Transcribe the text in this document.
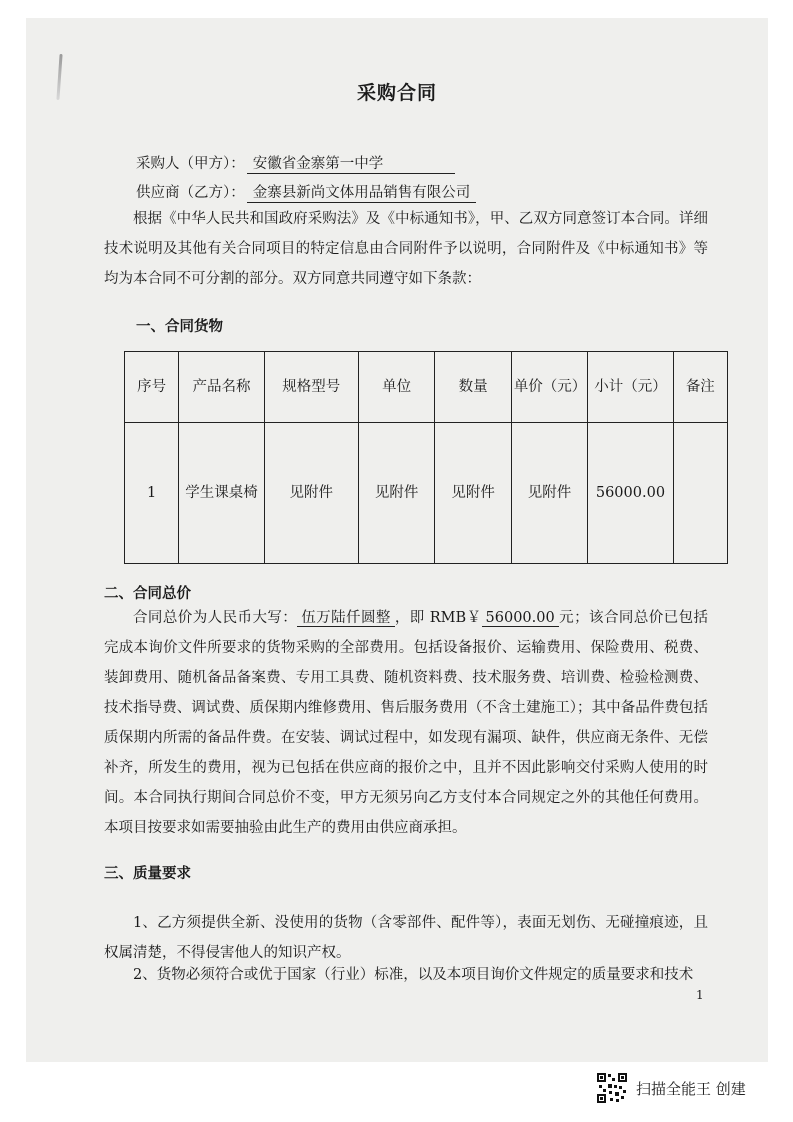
采购合同
采购人（甲方）： 安徽省金寨第一中学
供应商（乙方）： 金寨县新尚文体用品销售有限公司

根据《中华人民共和国政府采购法》及《中标通知书》，甲、乙双方同意签订本合同。详细技术说明及其他有关合同项目的特定信息由合同附件予以说明，合同附件及《中标通知书》等均为本合同不可分割的部分。双方同意共同遵守如下条款：

一、合同货物
序号	产品名称	规格型号	单位	数量	单价（元）	小计（元）	备注
1	学生课桌椅	见附件	见附件	见附件	见附件	56000.00	
二、合同总价

合同总价为人民币大写： 伍万陆仟圆整 ，即 RMB￥ 56000.00 元；该合同总价已包括完成本询价文件所要求的货物采购的全部费用。包括设备报价、运输费用、保险费用、税费、装卸费用、随机备品备案费、专用工具费、随机资料费、技术服务费、培训费、检验检测费、技术指导费、调试费、质保期内维修费用、售后服务费用（不含土建施工）；其中备品件费包括质保期内所需的备品件费。在安装、调试过程中，如发现有漏项、缺件，供应商无条件、无偿补齐，所发生的费用，视为已包括在供应商的报价之中，且并不因此影响交付采购人使用的时间。本合同执行期间合同总价不变，甲方无须另向乙方支付本合同规定之外的其他任何费用。本项目按要求如需要抽验由此生产的费用由供应商承担。

三、质量要求

1、乙方须提供全新、没使用的货物（含零部件、配件等），表面无划伤、无碰撞痕迹，且权属清楚，不得侵害他人的知识产权。

2、货物必须符合或优于国家（行业）标准，以及本项目询价文件规定的质量要求和技术

1
扫描全能王 创建
